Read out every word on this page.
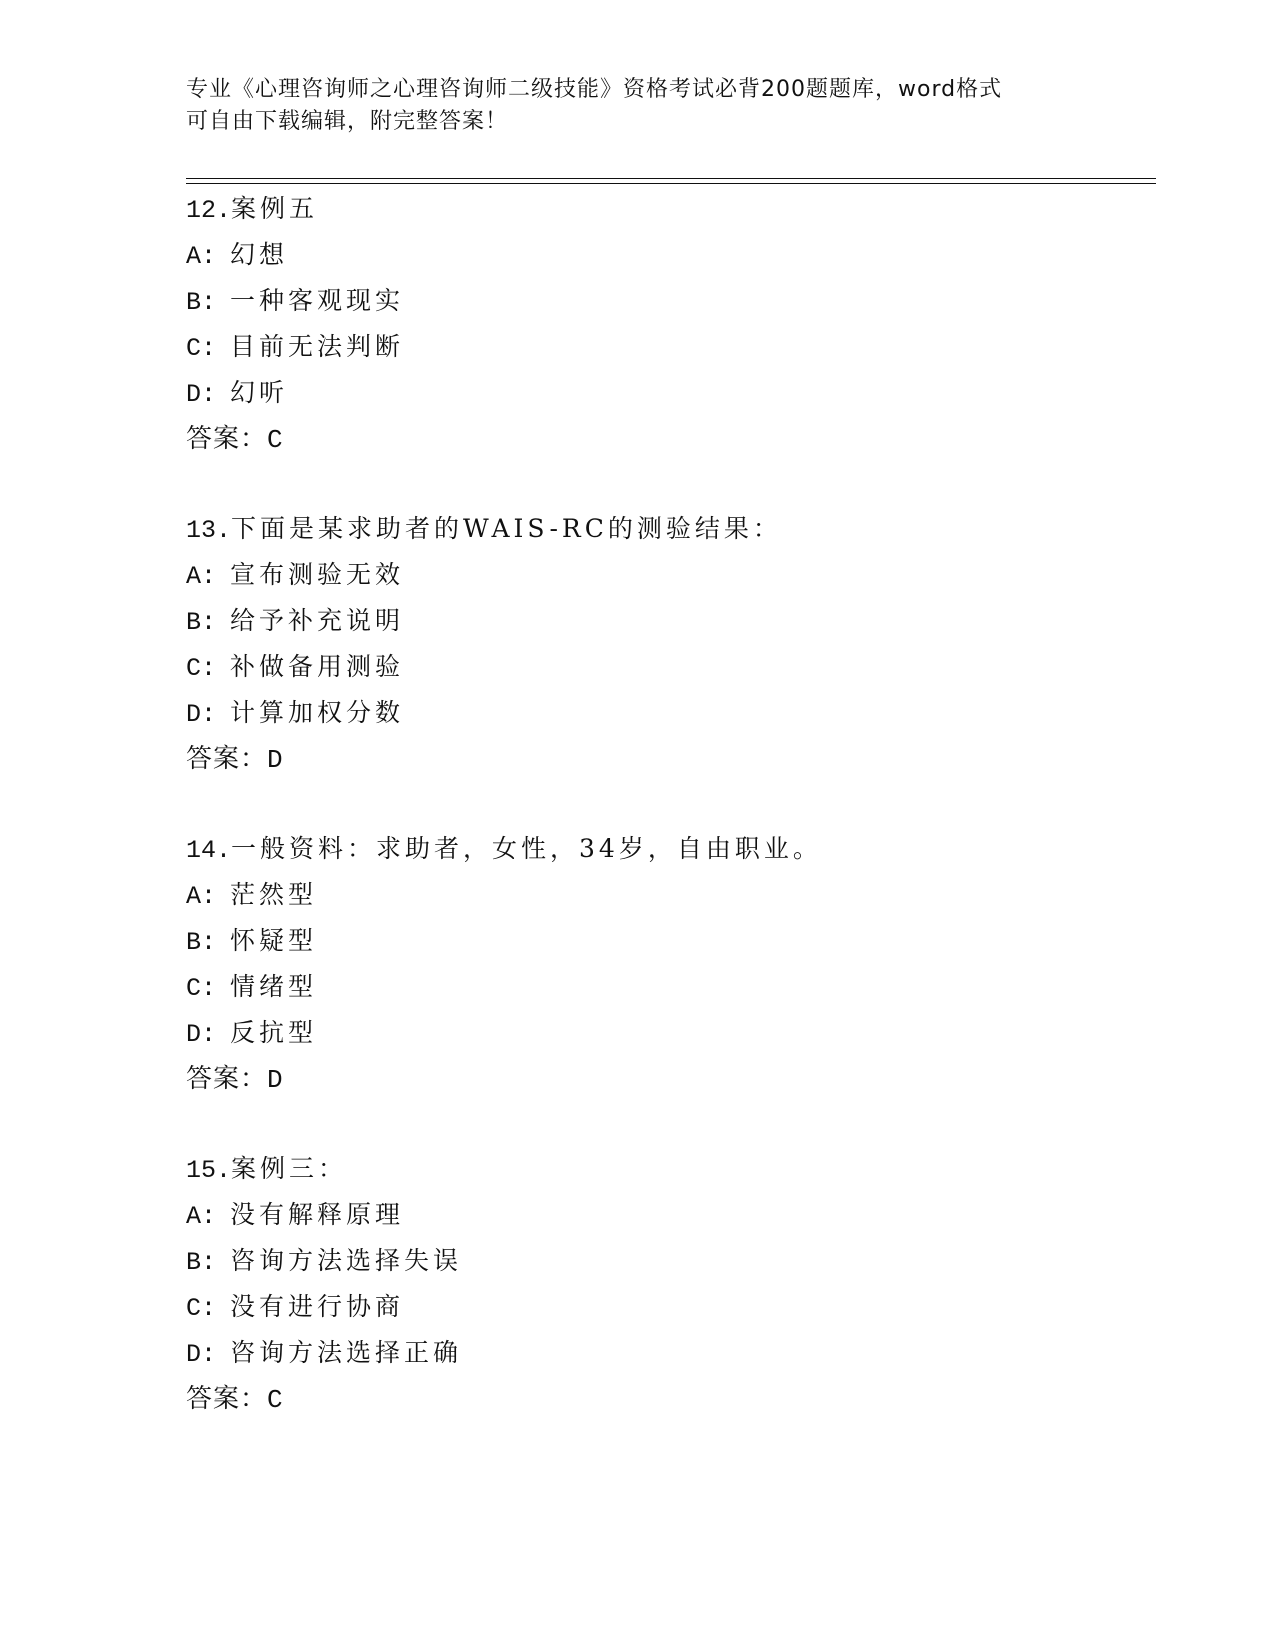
专业《心理咨询师之心理咨询师二级技能》资格考试必背200题题库，word格式
可自由下载编辑，附完整答案！
12.案例五
A: 幻想
B: 一种客观现实
C: 目前无法判断
D: 幻听
答案：C
13.下面是某求助者的WAIS-RC的测验结果：
A: 宣布测验无效
B: 给予补充说明
C: 补做备用测验
D: 计算加权分数
答案：D
14.一般资料：求助者，女性，34岁，自由职业。
A: 茫然型
B: 怀疑型
C: 情绪型
D: 反抗型
答案：D
15.案例三：
A: 没有解释原理
B: 咨询方法选择失误
C: 没有进行协商
D: 咨询方法选择正确
答案：C
